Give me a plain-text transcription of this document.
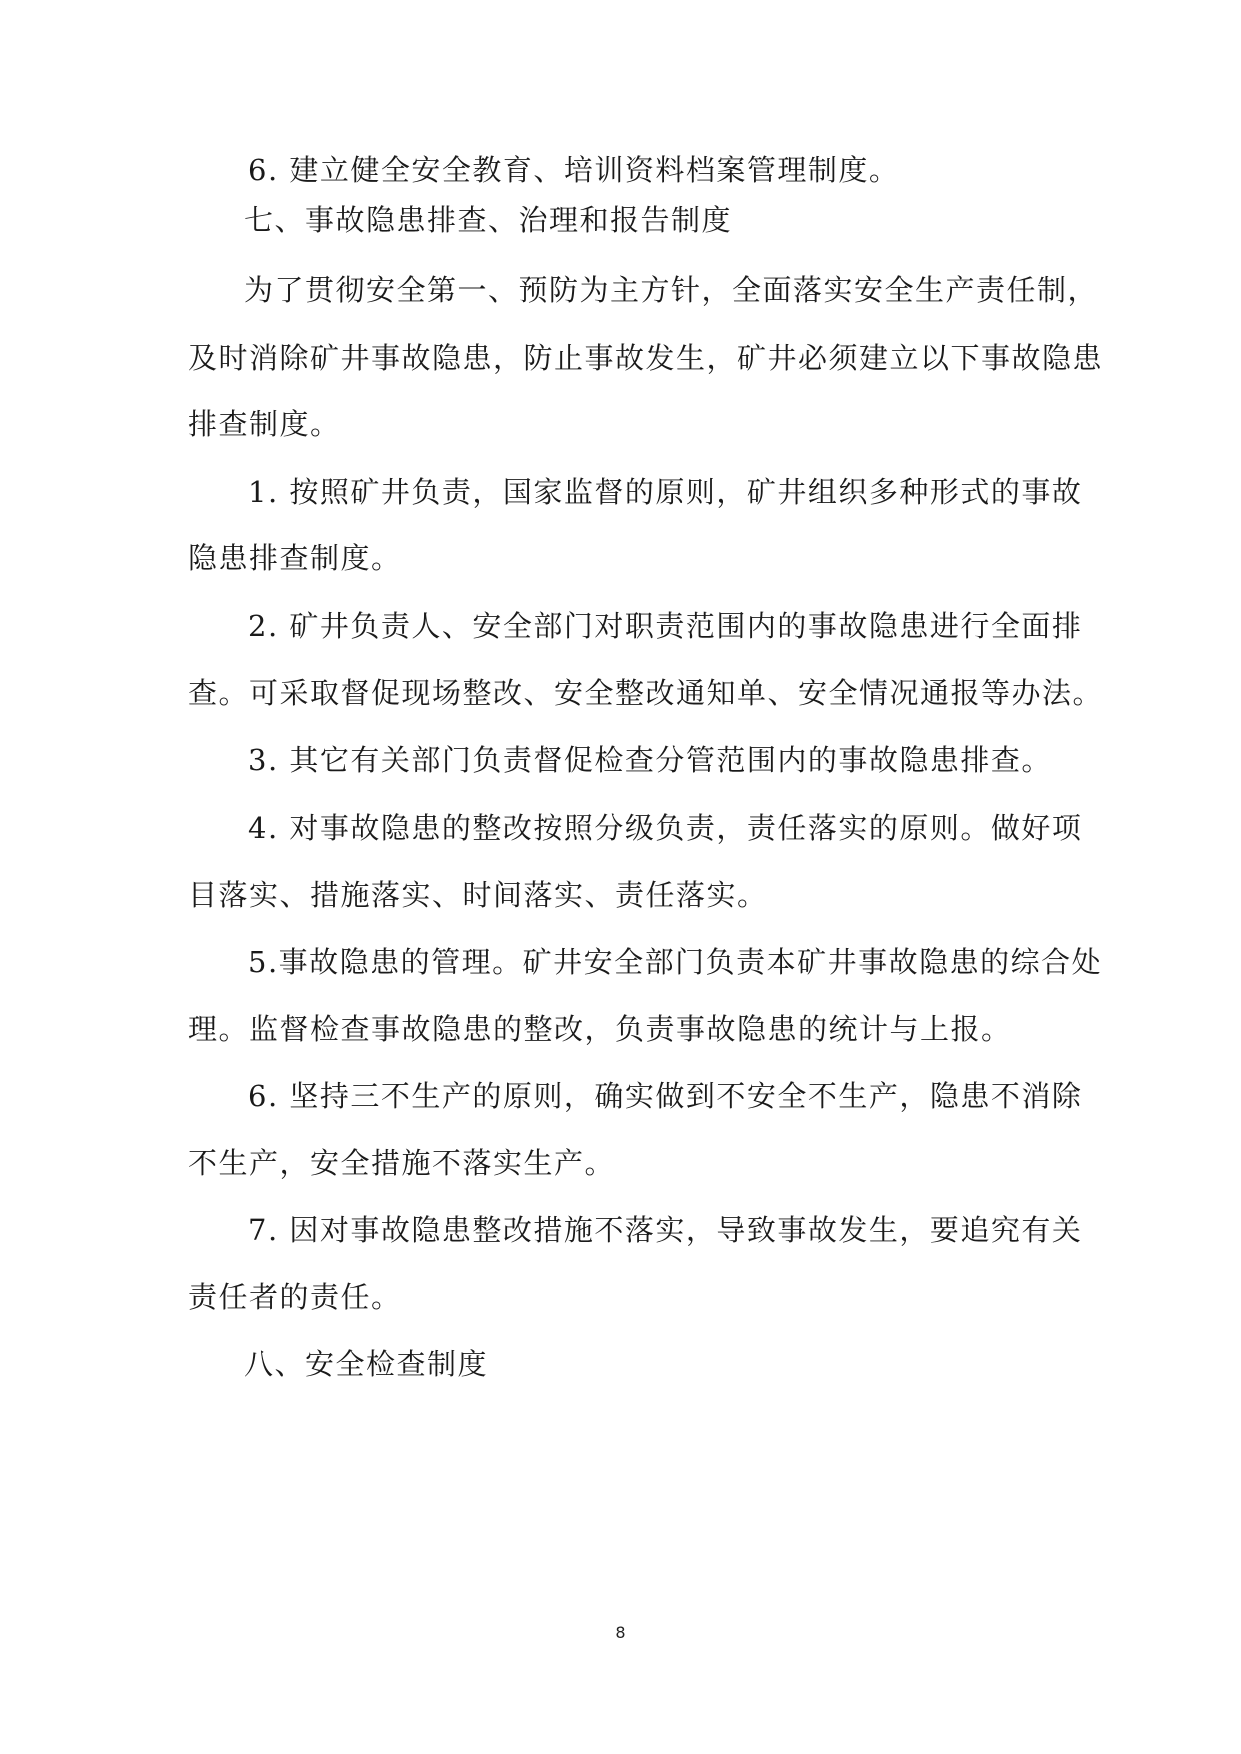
6. 建立健全安全教育、培训资料档案管理制度。
七、事故隐患排查、治理和报告制度
为了贯彻安全第一、预防为主方针，全面落实安全生产责任制，
及时消除矿井事故隐患，防止事故发生，矿井必须建立以下事故隐患
排查制度。
1. 按照矿井负责，国家监督的原则，矿井组织多种形式的事故
隐患排查制度。
2. 矿井负责人、安全部门对职责范围内的事故隐患进行全面排
查。可采取督促现场整改、安全整改通知单、安全情况通报等办法。
3. 其它有关部门负责督促检查分管范围内的事故隐患排查。
4. 对事故隐患的整改按照分级负责，责任落实的原则。做好项
目落实、措施落实、时间落实、责任落实。
5.事故隐患的管理。矿井安全部门负责本矿井事故隐患的综合处
理。监督检查事故隐患的整改，负责事故隐患的统计与上报。
6. 坚持三不生产的原则，确实做到不安全不生产，隐患不消除
不生产，安全措施不落实生产。
7. 因对事故隐患整改措施不落实，导致事故发生，要追究有关
责任者的责任。
八、安全检查制度
8
